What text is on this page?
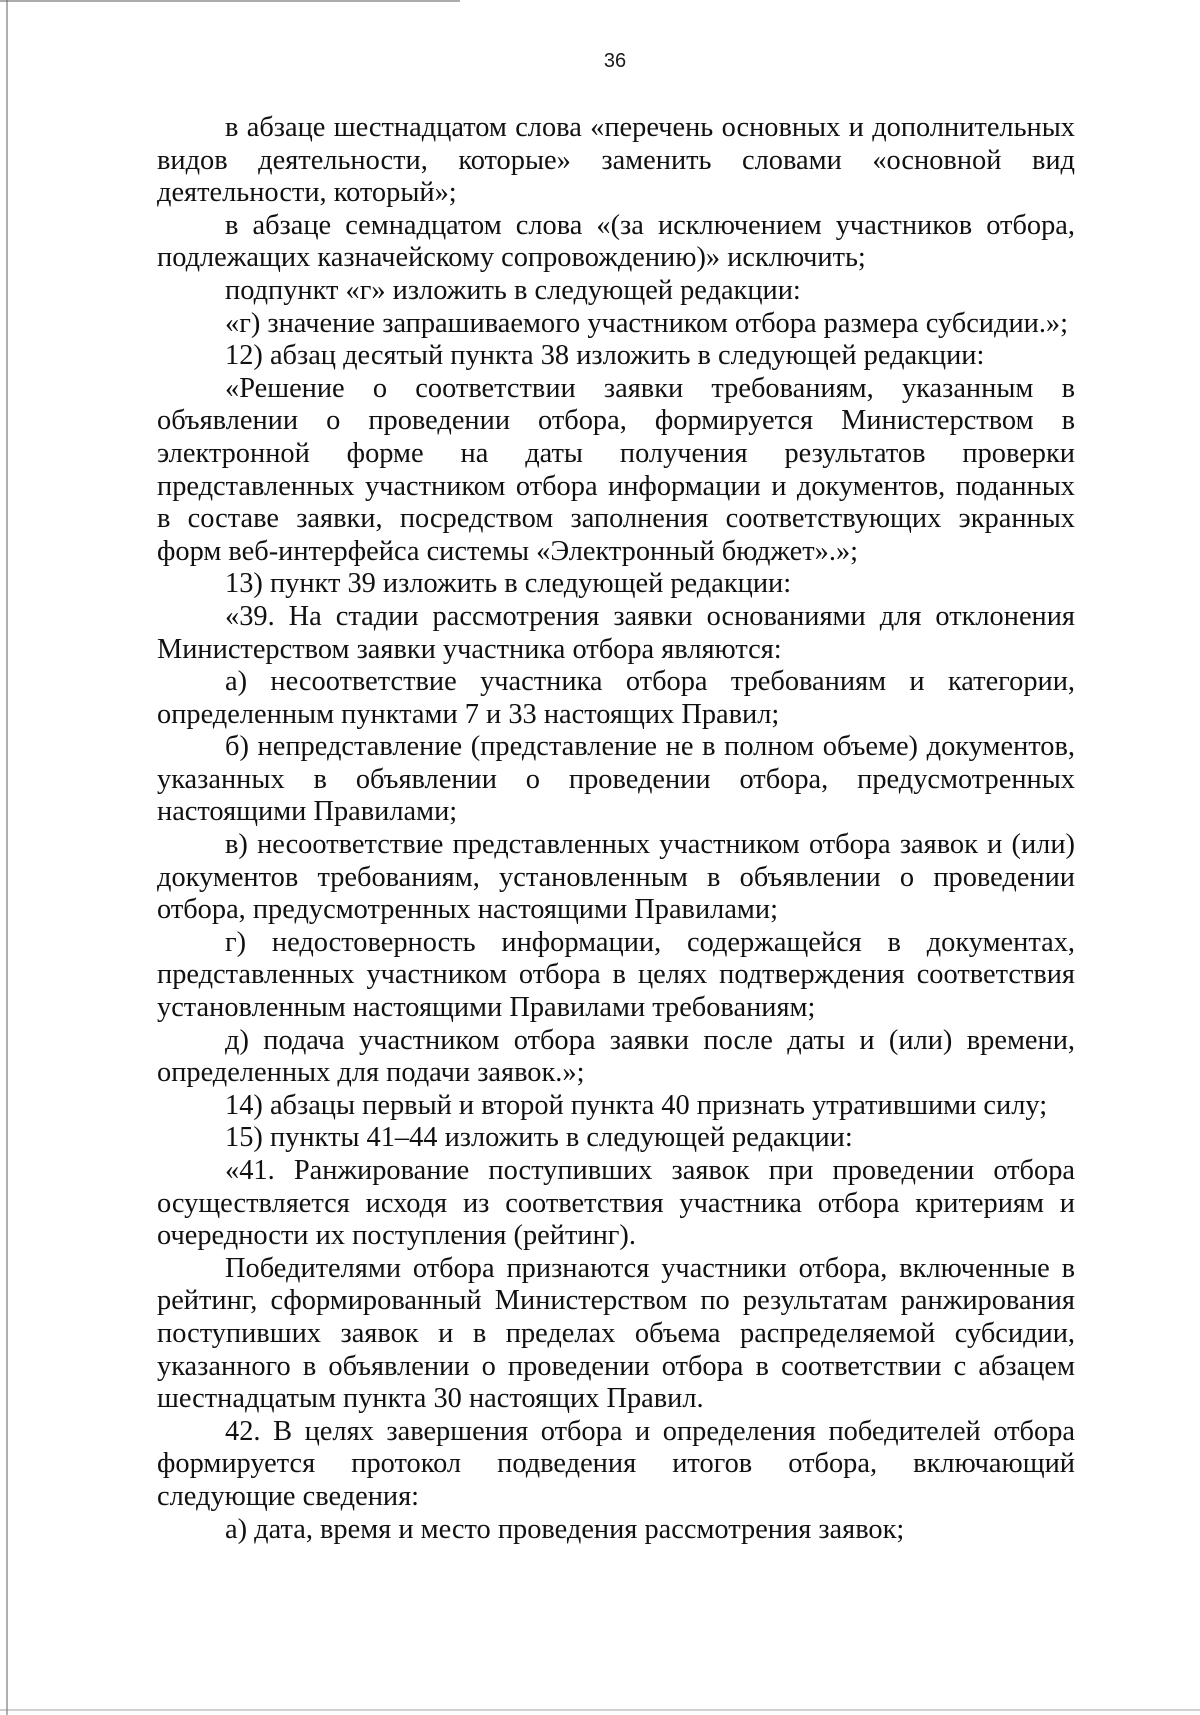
36

в абзаце шестнадцатом слова «перечень основных и дополнительных видов деятельности, которые» заменить словами «основной вид деятельности, который»;

в абзаце семнадцатом слова «(за исключением участников отбора, подлежащих казначейскому сопровождению)» исключить;

подпункт «г» изложить в следующей редакции:

«г) значение запрашиваемого участником отбора размера субсидии.»;

12) абзац десятый пункта 38 изложить в следующей редакции:

«Решение о соответствии заявки требованиям, указанным в объявлении о проведении отбора, формируется Министерством в электронной форме на даты получения результатов проверки представленных участником отбора информации и документов, поданных в составе заявки, посредством заполнения соответствующих экранных форм веб-интерфейса системы «Электронный бюджет».»;

13) пункт 39 изложить в следующей редакции:

«39. На стадии рассмотрения заявки основаниями для отклонения Министерством заявки участника отбора являются:

а) несоответствие участника отбора требованиям и категории, определенным пунктами 7 и 33 настоящих Правил;

б) непредставление (представление не в полном объеме) документов, указанных в объявлении о проведении отбора, предусмотренных настоящими Правилами;

в) несоответствие представленных участником отбора заявок и (или) документов требованиям, установленным в объявлении о проведении отбора, предусмотренных настоящими Правилами;

г) недостоверность информации, содержащейся в документах, представленных участником отбора в целях подтверждения соответствия установленным настоящими Правилами требованиям;

д) подача участником отбора заявки после даты и (или) времени, определенных для подачи заявок.»;

14) абзацы первый и второй пункта 40 признать утратившими силу;

15) пункты 41–44 изложить в следующей редакции:

«41. Ранжирование поступивших заявок при проведении отбора осуществляется исходя из соответствия участника отбора критериям и очередности их поступления (рейтинг).

Победителями отбора признаются участники отбора, включенные в рейтинг, сформированный Министерством по результатам ранжирования поступивших заявок и в пределах объема распределяемой субсидии, указанного в объявлении о проведении отбора в соответствии с абзацем шестнадцатым пункта 30 настоящих Правил.

42. В целях завершения отбора и определения победителей отбора формируется протокол подведения итогов отбора, включающий следующие сведения:

а) дата, время и место проведения рассмотрения заявок;
